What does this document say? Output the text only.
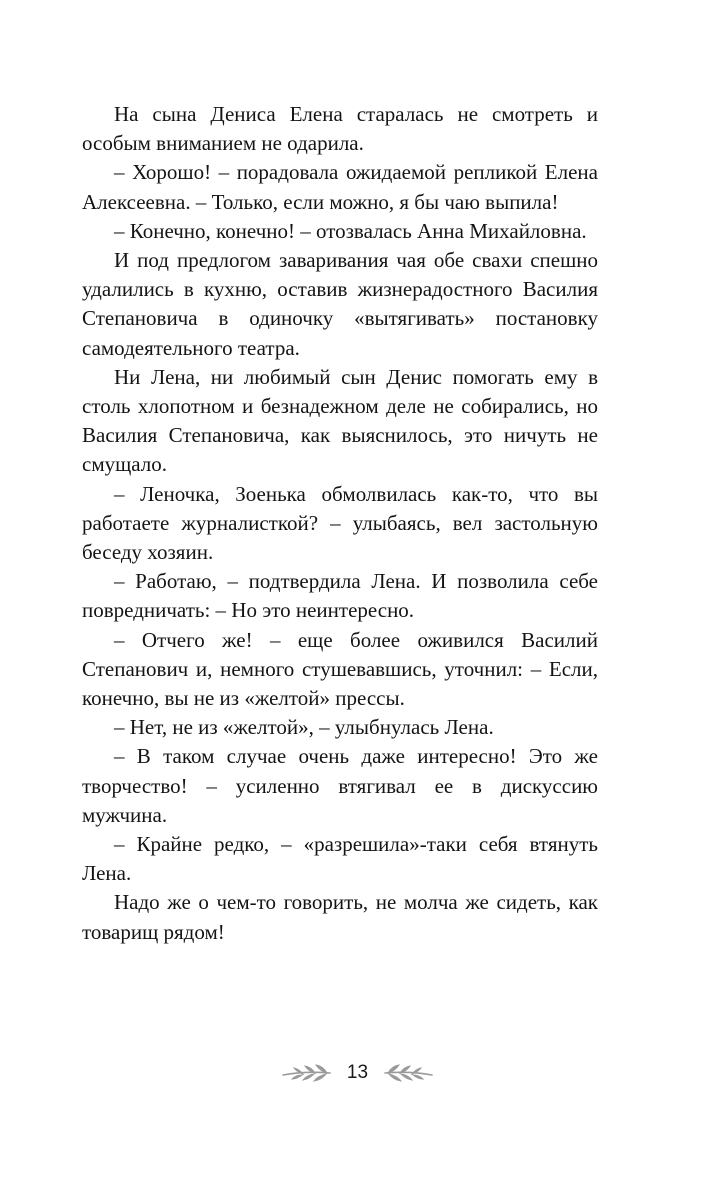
На сына Дениса Елена старалась не смотреть и особым вниманием не одарила.

– Хорошо! – порадовала ожидаемой репликой Елена Алексеевна. – Только, если можно, я бы чаю выпила!

– Конечно, конечно! – отозвалась Анна Михайловна.

И под предлогом заваривания чая обе свахи спешно удалились в кухню, оставив жизнерадостного Василия Степановича в одиночку «вытягивать» постановку самодеятельного театра.

Ни Лена, ни любимый сын Денис помогать ему в столь хлопотном и безнадежном деле не собирались, но Василия Степановича, как выяснилось, это ничуть не смущало.

– Леночка, Зоенька обмолвилась как-то, что вы работаете журналисткой? – улыбаясь, вел застольную беседу хозяин.

– Работаю, – подтвердила Лена. И позволила себе повредничать: – Но это неинтересно.

– Отчего же! – еще более оживился Василий Степанович и, немного стушевавшись, уточнил: – Если, конечно, вы не из «желтой» прессы.

– Нет, не из «желтой», – улыбнулась Лена.

– В таком случае очень даже интересно! Это же творчество! – усиленно втягивал ее в дискуссию мужчина.

– Крайне редко, – «разрешила»-таки себя втянуть Лена.

Надо же о чем-то говорить, не молча же сидеть, как товарищ рядом!

13
